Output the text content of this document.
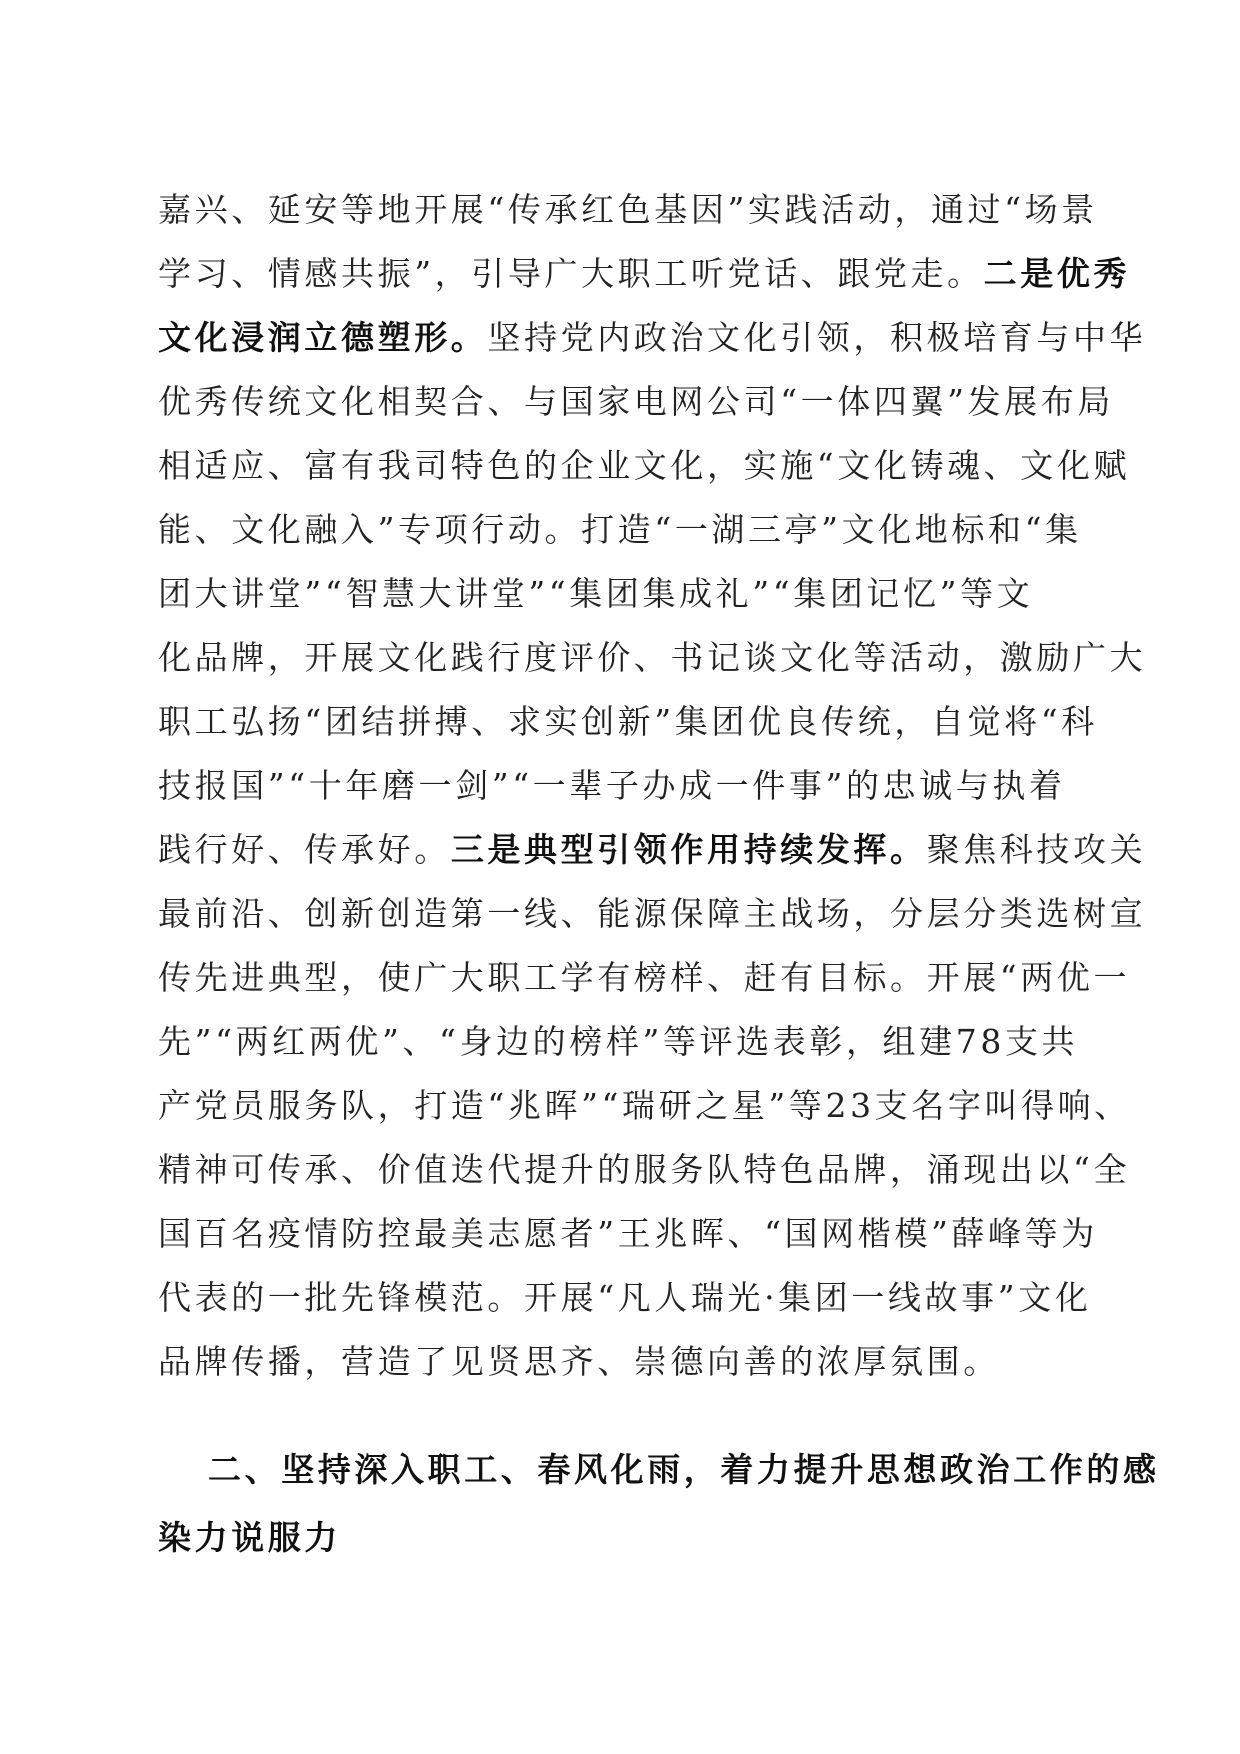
嘉兴、延安等地开展“传承红色基因”实践活动，通过“场景
学习、情感共振”，引导广大职工听党话、跟党走。二是优秀
文化浸润立德塑形。坚持党内政治文化引领，积极培育与中华
优秀传统文化相契合、与国家电网公司“一体四翼”发展布局
相适应、富有我司特色的企业文化，实施“文化铸魂、文化赋
能、文化融入”专项行动。打造“一湖三亭”文化地标和“集
团大讲堂”“智慧大讲堂”“集团集成礼”“集团记忆”等文
化品牌，开展文化践行度评价、书记谈文化等活动，激励广大
职工弘扬“团结拼搏、求实创新”集团优良传统，自觉将“科
技报国”“十年磨一剑”“一辈子办成一件事”的忠诚与执着
践行好、传承好。三是典型引领作用持续发挥。聚焦科技攻关
最前沿、创新创造第一线、能源保障主战场，分层分类选树宣
传先进典型，使广大职工学有榜样、赶有目标。开展“两优一
先”“两红两优”、“身边的榜样”等评选表彰，组建78支共
产党员服务队，打造“兆晖”“瑞研之星”等23支名字叫得响、
精神可传承、价值迭代提升的服务队特色品牌，涌现出以“全
国百名疫情防控最美志愿者”王兆晖、“国网楷模”薛峰等为
代表的一批先锋模范。开展“凡人瑞光·集团一线故事”文化
品牌传播，营造了见贤思齐、崇德向善的浓厚氛围。
二、坚持深入职工、春风化雨，着力提升思想政治工作的感
染力说服力
